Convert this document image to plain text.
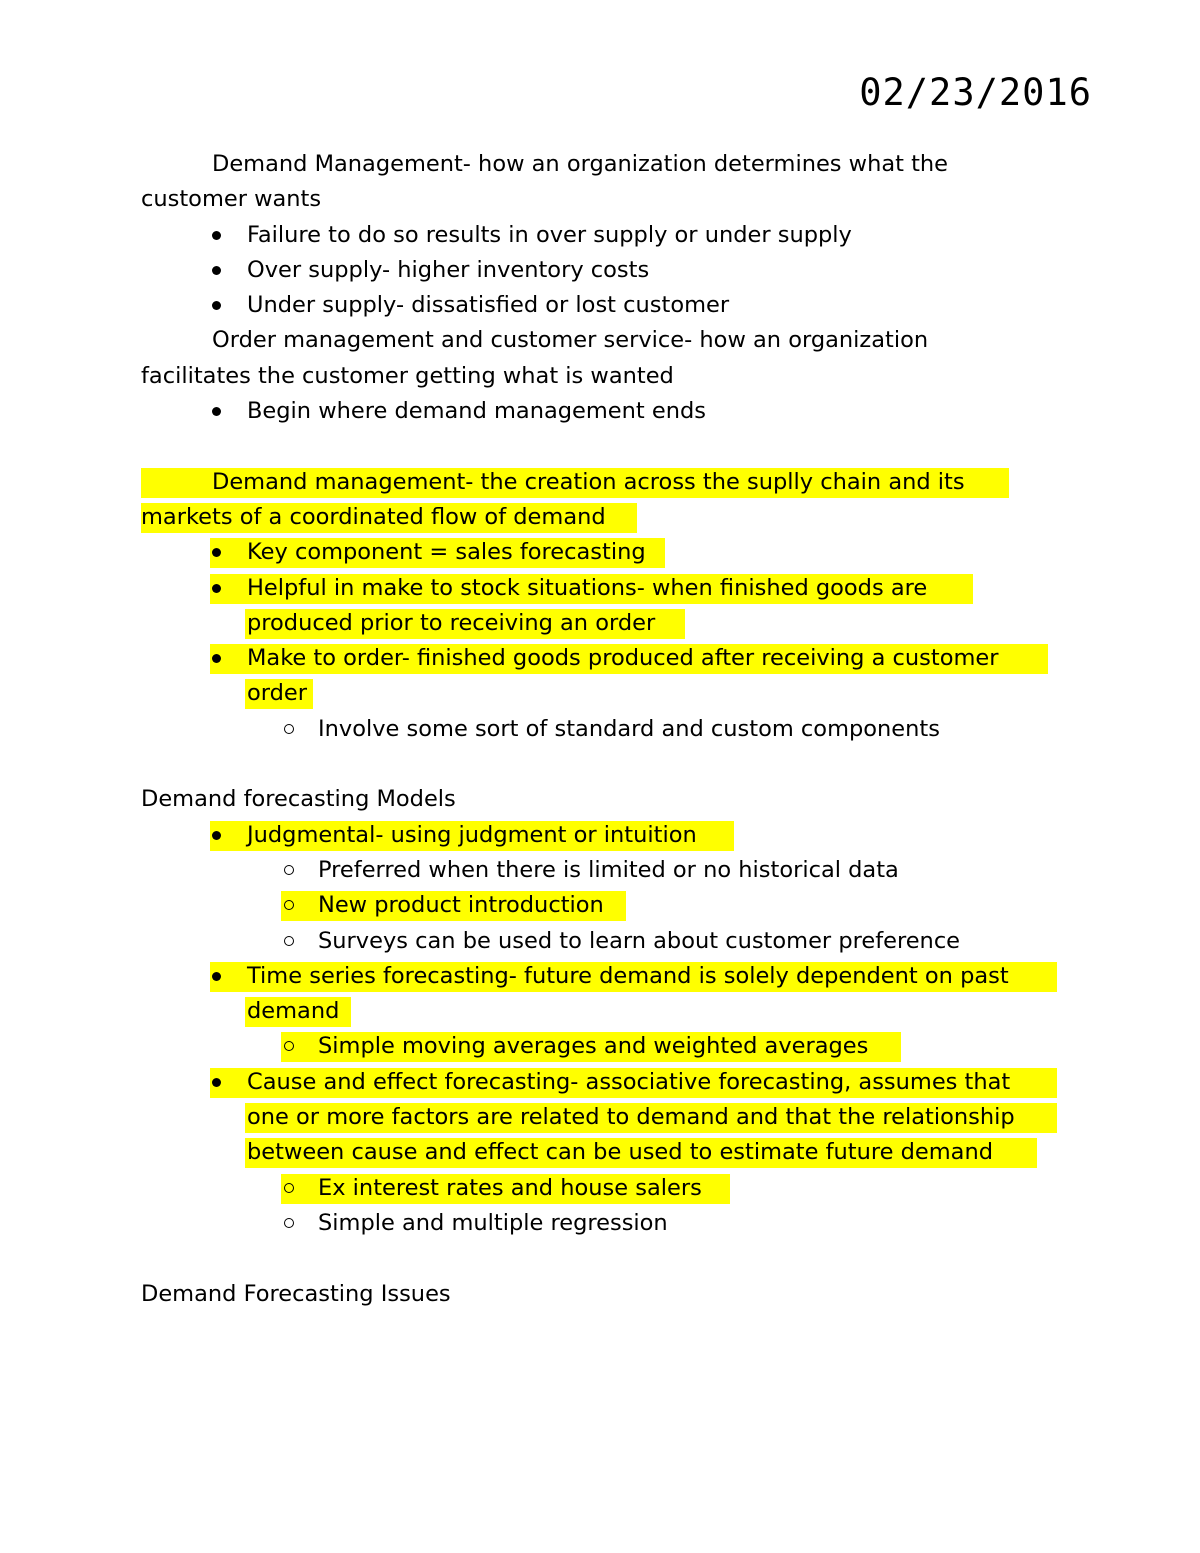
02/23/2016

Demand Management- how an organization determines what the

customer wants

Failure to do so results in over supply or under supply

Over supply- higher inventory costs

Under supply- dissatisfied or lost customer

Order management and customer service- how an organization

facilitates the customer getting what is wanted

Begin where demand management ends

Demand management- the creation across the suplly chain and its

markets of a coordinated flow of demand

Key component = sales forecasting

Helpful in make to stock situations- when finished goods are

produced prior to receiving an order

Make to order- finished goods produced after receiving a customer

order

Involve some sort of standard and custom components

Demand forecasting Models

Judgmental- using judgment or intuition

Preferred when there is limited or no historical data

New product introduction

Surveys can be used to learn about customer preference

Time series forecasting- future demand is solely dependent on past

demand

Simple moving averages and weighted averages

Cause and effect forecasting- associative forecasting, assumes that

one or more factors are related to demand and that the relationship

between cause and effect can be used to estimate future demand

Ex interest rates and house salers

Simple and multiple regression

Demand Forecasting Issues
